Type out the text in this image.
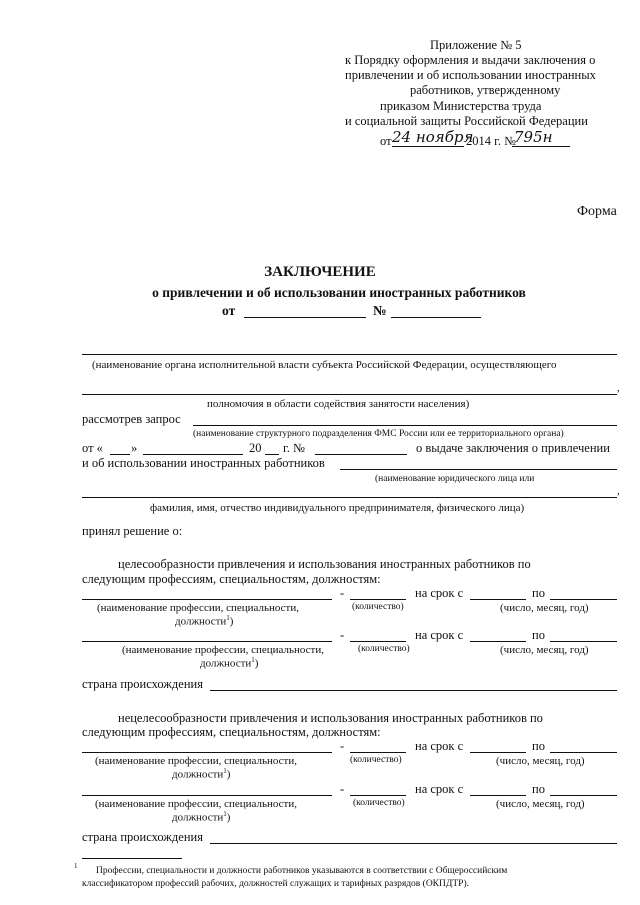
Приложение № 5
к Порядку оформления и выдачи заключения о
привлечении и об использовании иностранных
работников, утвержденному
приказом Министерства труда
и социальной защиты Российской Федерации
от 24 ноября
2014 г. №
795н
Форма
ЗАКЛЮЧЕНИЕ
о привлечении и об использовании иностранных работников
от	№
(наименование органа исполнительной власти субъекта Российской Федерации, осуществляющего
,
полномочия в области содействия занятости населения)
рассмотрев запрос
(наименование структурного подразделения ФМС России или ее территориального органа)
от « »	20 г. №	о выдаче заключения о привлечении
и об использовании иностранных работников
(наименование юридического лица или
,
фамилия, имя, отчество индивидуального предпринимателя, физического лица)
принял решение о:
целесообразности привлечения и использования иностранных работников по
следующим профессиям, специальностям, должностям:
-	на срок с	по
(наименование профессии, специальности,
должности$^1$)
(количество)	(число, месяц, год)
-	на срок с	по
(наименование профессии, специальности,
должности$^1$)
(количество)	(число, месяц, год)
страна происхождения
нецелесообразности привлечения и использования иностранных работников по
следующим профессиям, специальностям, должностям:
-	на срок с	по
(наименование профессии, специальности,
должности$^1$)
(количество)	(число, месяц, год)
-	на срок с	по
(наименование профессии, специальности,
должности$^1$)
(количество)	(число, месяц, год)
страна происхождения
1 Профессии, специальности и должности работников указываются в соответствии с Общероссийским
классификатором профессий рабочих, должностей служащих и тарифных разрядов (ОКПДТР).
